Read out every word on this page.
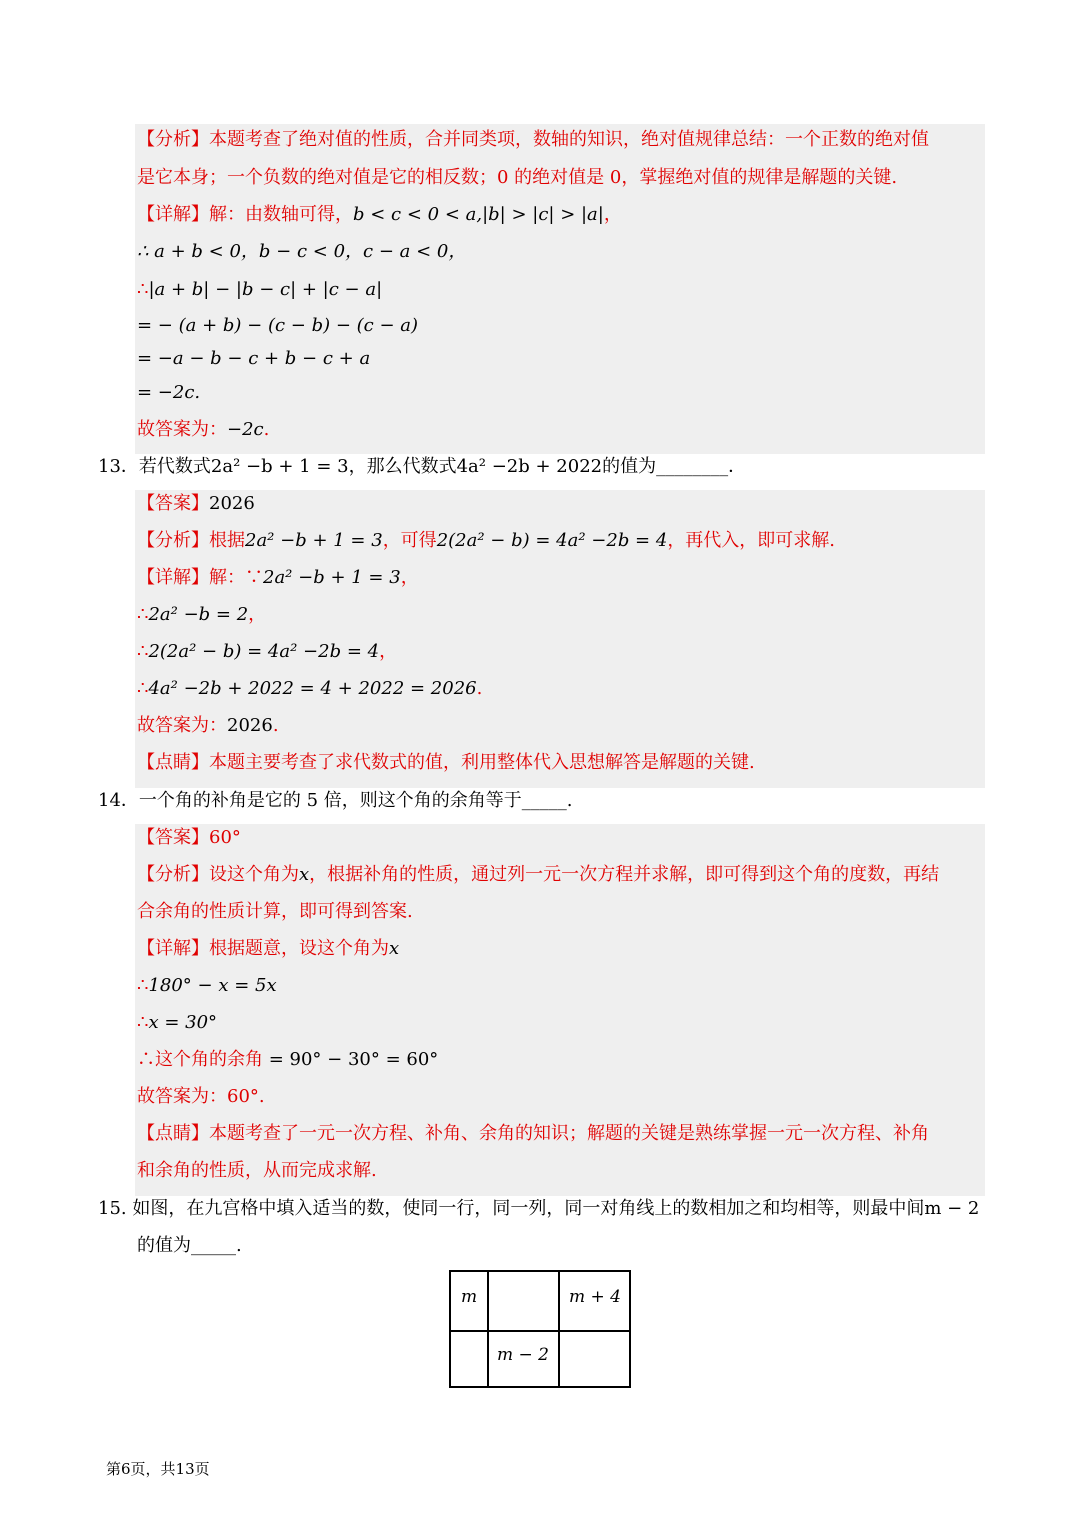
【分析】本题考查了绝对值的性质，合并同类项，数轴的知识，绝对值规律总结：一个正数的绝对值
是它本身；一个负数的绝对值是它的相反数；0 的绝对值是 0，掌握绝对值的规律是解题的关键.
【详解】解：由数轴可得，b < c < 0 < a,|b| > |c| > |a|，
∴ a + b < 0，b − c < 0，c − a < 0，
∴|a + b| − |b − c| + |c − a|
= − (a + b) − (c − b) − (c − a)
= −a − b − c + b − c + a
= −2c.
故答案为：−2c.
13．若代数式2a² −b + 1 = 3，那么代数式4a² −2b + 2022的值为________．
【答案】2026
【分析】根据2a² −b + 1 = 3，可得2(2a² − b) = 4a² −2b = 4，再代入，即可求解.
【详解】解：∵2a² −b + 1 = 3，
∴2a² −b = 2，
∴2(2a² − b) = 4a² −2b = 4，
∴4a² −2b + 2022 = 4 + 2022 = 2026.
故答案为：2026.
【点睛】本题主要考查了求代数式的值，利用整体代入思想解答是解题的关键.
14．一个角的补角是它的 5 倍，则这个角的余角等于_____.
【答案】60°
【分析】设这个角为x，根据补角的性质，通过列一元一次方程并求解，即可得到这个角的度数，再结
合余角的性质计算，即可得到答案.
【详解】根据题意，设这个角为x
∴180° − x = 5x
∴x = 30°
∴这个角的余角 = 90° − 30° = 60°
故答案为：60°.
【点睛】本题考查了一元一次方程、补角、余角的知识；解题的关键是熟练掌握一元一次方程、补角
和余角的性质，从而完成求解.
15. 如图，在九宫格中填入适当的数，使同一行，同一列，同一对角线上的数相加之和均相等，则最中间m − 2
的值为_____.
m	m + 4
m − 2
第6页，共13页
